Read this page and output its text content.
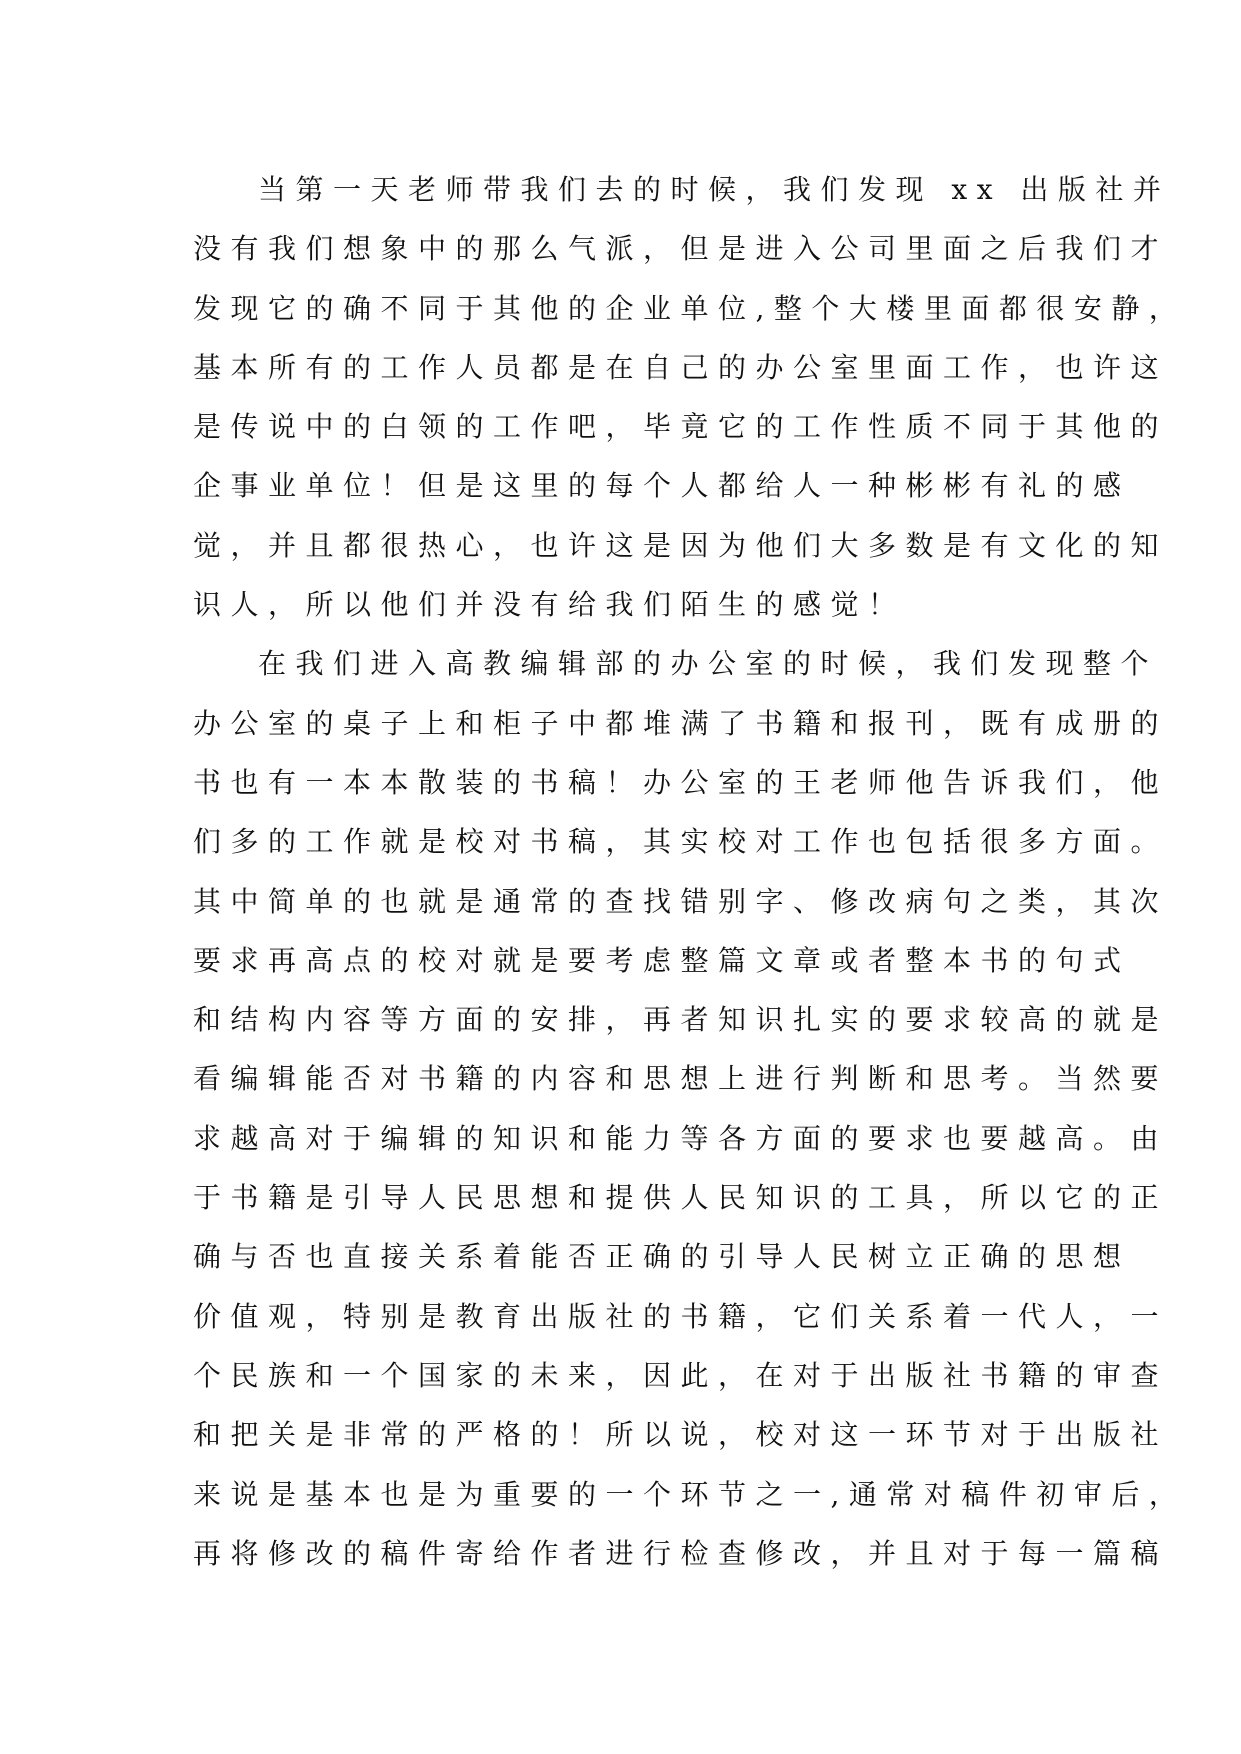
当第一天老师带我们去的时候，我们发现 xx 出版社并
没有我们想象中的那么气派，但是进入公司里面之后我们才
发现它的确不同于其他的企业单位,整个大楼里面都很安静，
基本所有的工作人员都是在自己的办公室里面工作，也许这
是传说中的白领的工作吧，毕竟它的工作性质不同于其他的
企事业单位！但是这里的每个人都给人一种彬彬有礼的感
觉，并且都很热心，也许这是因为他们大多数是有文化的知
识人，所以他们并没有给我们陌生的感觉！
在我们进入高教编辑部的办公室的时候，我们发现整个
办公室的桌子上和柜子中都堆满了书籍和报刊，既有成册的
书也有一本本散装的书稿！办公室的王老师他告诉我们，他
们多的工作就是校对书稿，其实校对工作也包括很多方面。
其中简单的也就是通常的查找错别字、修改病句之类，其次
要求再高点的校对就是要考虑整篇文章或者整本书的句式
和结构内容等方面的安排，再者知识扎实的要求较高的就是
看编辑能否对书籍的内容和思想上进行判断和思考。当然要
求越高对于编辑的知识和能力等各方面的要求也要越高。由
于书籍是引导人民思想和提供人民知识的工具，所以它的正
确与否也直接关系着能否正确的引导人民树立正确的思想
价值观，特别是教育出版社的书籍，它们关系着一代人，一
个民族和一个国家的未来，因此，在对于出版社书籍的审查
和把关是非常的严格的！所以说，校对这一环节对于出版社
来说是基本也是为重要的一个环节之一,通常对稿件初审后，
再将修改的稿件寄给作者进行检查修改，并且对于每一篇稿
